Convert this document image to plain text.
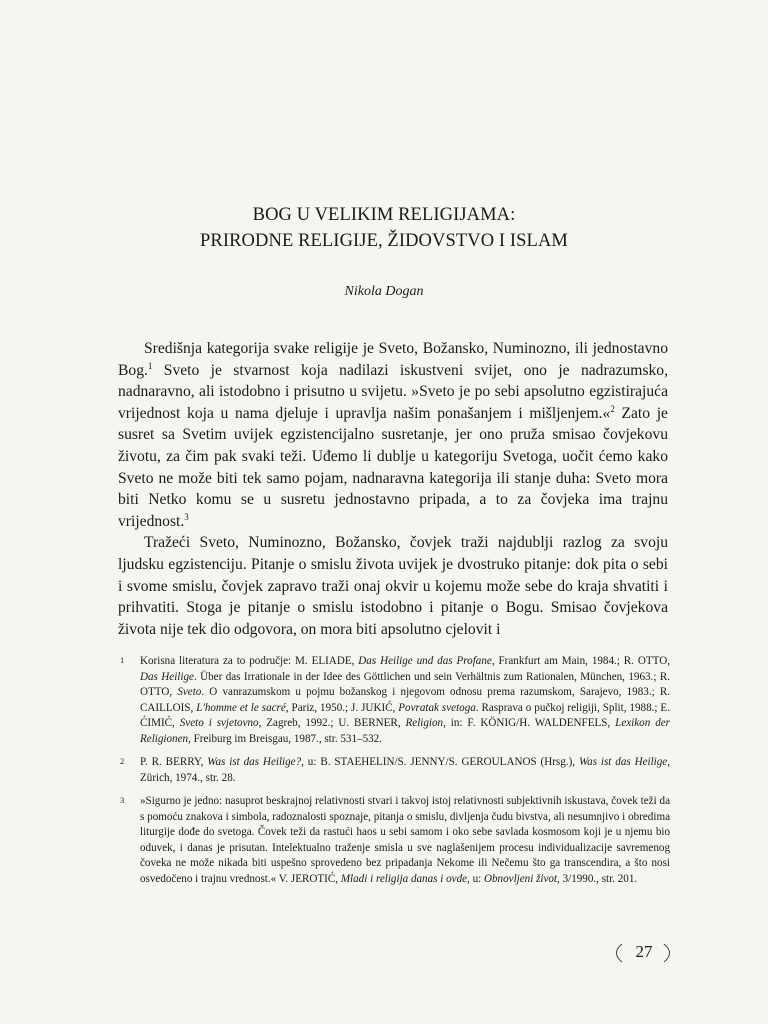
BOG U VELIKIM RELIGIJAMA:
PRIRODNE RELIGIJE, ŽIDOVSTVO I ISLAM
Nikola Dogan

Središnja kategorija svake religije je Sveto, Božansko, Numinozno, ili jednostavno Bog.$^1$ Sveto je stvarnost koja nadilazi iskustveni svijet, ono je nadrazumsko, nadnaravno, ali istodobno i prisutno u svijetu. »Sveto je po sebi apsolutno egzistirajuća vrijednost koja u nama djeluje i upravlja našim ponašanjem i mišljenjem.«$^2$ Zato je susret sa Svetim uvijek egzistencijalno susretanje, jer ono pruža smisao čovjekovu životu, za čim pak svaki teži. Uđemo li dublje u kategoriju Svetoga, uočit ćemo kako Sveto ne može biti tek samo pojam, nadnaravna kategorija ili stanje duha: Sveto mora biti Netko komu se u susretu jednostavno pripada, a to za čovjeka ima trajnu vrijednost.$^3$

Tražeći Sveto, Numinozno, Božansko, čovjek traži najdublji razlog za svoju ljudsku egzistenciju. Pitanje o smislu života uvijek je dvostruko pitanje: dok pita o sebi i svome smislu, čovjek zapravo traži onaj okvir u kojemu može sebe do kraja shvatiti i prihvatiti. Stoga je pitanje o smislu istodobno i pitanje o Bogu. Smisao čovjekova života nije tek dio odgovora, on mora biti apsolutno cjelovit i

1 Korisna literatura za to područje: M. ELIADE, Das Heilige und das Profane, Frankfurt am Main, 1984.; R. OTTO, Das Heilige. Über das Irrationale in der Idee des Göttlichen und sein Verhältnis zum Rationalen, München, 1963.; R. OTTO, Sveto. O vanrazumskom u pojmu božanskog i njegovom odnosu prema razumskom, Sarajevo, 1983.; R. CAILLOIS, L'homme et le sacré, Pariz, 1950.; J. JUKIĆ, Povratak svetoga. Rasprava o pučkoj religiji, Split, 1988.; E. ĆIMIĆ, Sveto i svjetovno, Zagreb, 1992.; U. BERNER, Religion, in: F. KÖNIG/H. WALDENFELS, Lexikon der Religionen, Freiburg im Breisgau, 1987., str. 531–532.
2 P. R. BERRY, Was ist das Heilige?, u: B. STAEHELIN/S. JENNY/S. GEROULANOS (Hrsg.), Was ist das Heilige, Zürich, 1974., str. 28.
3 »Sigurno je jedno: nasuprot beskrajnoj relativnosti stvari i takvoj istoj relativnosti subjektivnih iskustava, čovek teži da s pomoću znakova i simbola, radoznalosti spoznaje, pitanja o smislu, divljenja čudu bivstva, ali nesumnjivo i obredima liturgije dođe do svetoga. Čovek teži da rastući haos u sebi samom i oko sebe savlada kosmosom koji je u njemu bio oduvek, i danas je prisutan. Intelektualno traženje smisla u sve naglašenijem procesu individualizacije savremenog čoveka ne može nikada biti uspešno sprovedeno bez pripadanja Nekome ili Nečemu što ga transcendira, a što nosi osvedočeno i trajnu vrednost.« V. JEROTIĆ, Mladi i religija danas i ovde, u: Obnovljeni život, 3/1990., str. 201.
27
